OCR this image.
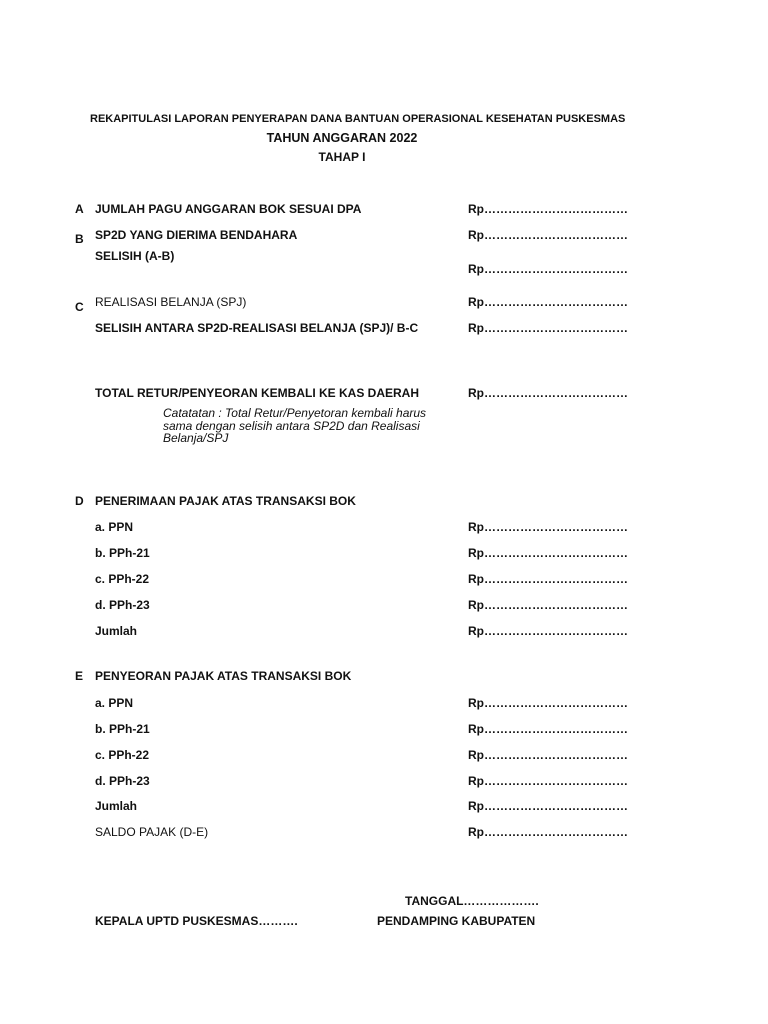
REKAPITULASI LAPORAN PENYERAPAN DANA BANTUAN OPERASIONAL KESEHATAN PUSKESMAS
TAHUN ANGGARAN 2022
TAHAP I
A JUMLAH PAGU ANGGARAN BOK SESUAI DPA	Rp………………………………
B SP2D YANG DIERIMA BENDAHARA	Rp………………………………
SELISIH (A-B)
Rp………………………………
C REALISASI BELANJA (SPJ)	Rp………………………………
SELISIH ANTARA SP2D-REALISASI BELANJA (SPJ)/ B-C	Rp………………………………
TOTAL RETUR/PENYEORAN KEMBALI KE KAS DAERAH	Rp………………………………
Catatatan : Total Retur/Penyetoran kembali harus sama dengan selisih antara SP2D dan Realisasi Belanja/SPJ
D PENERIMAAN PAJAK ATAS TRANSAKSI BOK
a. PPN	Rp………………………………
b. PPh-21	Rp………………………………
c. PPh-22	Rp………………………………
d. PPh-23	Rp………………………………
Jumlah	Rp………………………………
E PENYEORAN PAJAK ATAS TRANSAKSI BOK
a. PPN	Rp………………………………
b. PPh-21	Rp………………………………
c. PPh-22	Rp………………………………
d. PPh-23	Rp………………………………
Jumlah	Rp………………………………
SALDO PAJAK (D-E)	Rp………………………………
TANGGAL……………….
KEPALA UPTD PUSKESMAS……….	PENDAMPING KABUPATEN
